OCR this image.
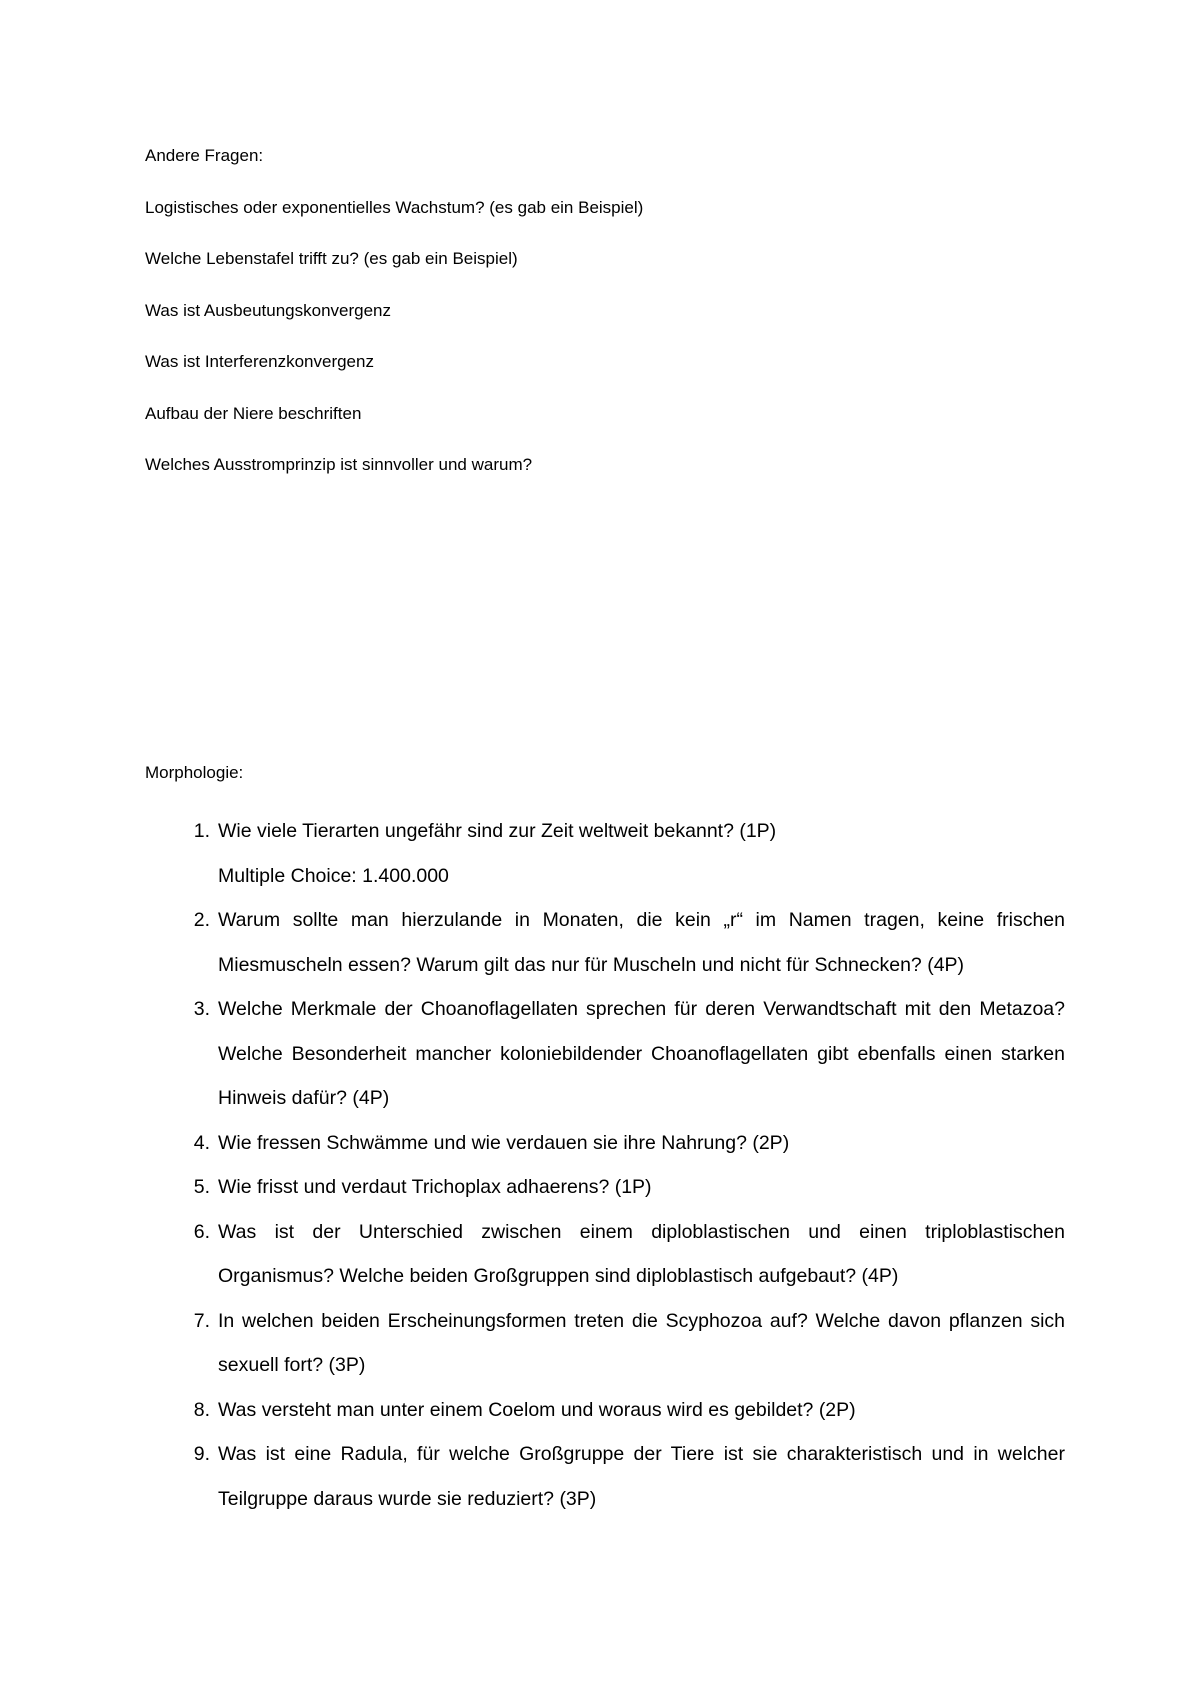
Andere Fragen:
Logistisches oder exponentielles Wachstum? (es gab ein Beispiel)
Welche Lebenstafel trifft zu? (es gab ein Beispiel)
Was ist Ausbeutungskonvergenz
Was ist Interferenzkonvergenz
Aufbau der Niere beschriften
Welches Ausstromprinzip ist sinnvoller und warum?
Morphologie:
1. Wie viele Tierarten ungefähr sind zur Zeit weltweit bekannt? (1P)
Multiple Choice: 1.400.000
2. Warum sollte man hierzulande in Monaten, die kein „r“ im Namen tragen, keine frischen Miesmuscheln essen? Warum gilt das nur für Muscheln und nicht für Schnecken? (4P)
3. Welche Merkmale der Choanoflagellaten sprechen für deren Verwandtschaft mit den Metazoa? Welche Besonderheit mancher koloniebildender Choanoflagellaten gibt ebenfalls einen starken Hinweis dafür? (4P)
4. Wie fressen Schwämme und wie verdauen sie ihre Nahrung? (2P)
5. Wie frisst und verdaut Trichoplax adhaerens? (1P)
6. Was ist der Unterschied zwischen einem diploblastischen und einen triploblastischen Organismus? Welche beiden Großgruppen sind diploblastisch aufgebaut? (4P)
7. In welchen beiden Erscheinungsformen treten die Scyphozoa auf? Welche davon pflanzen sich sexuell fort? (3P)
8. Was versteht man unter einem Coelom und woraus wird es gebildet? (2P)
9. Was ist eine Radula, für welche Großgruppe der Tiere ist sie charakteristisch und in welcher Teilgruppe daraus wurde sie reduziert? (3P)
